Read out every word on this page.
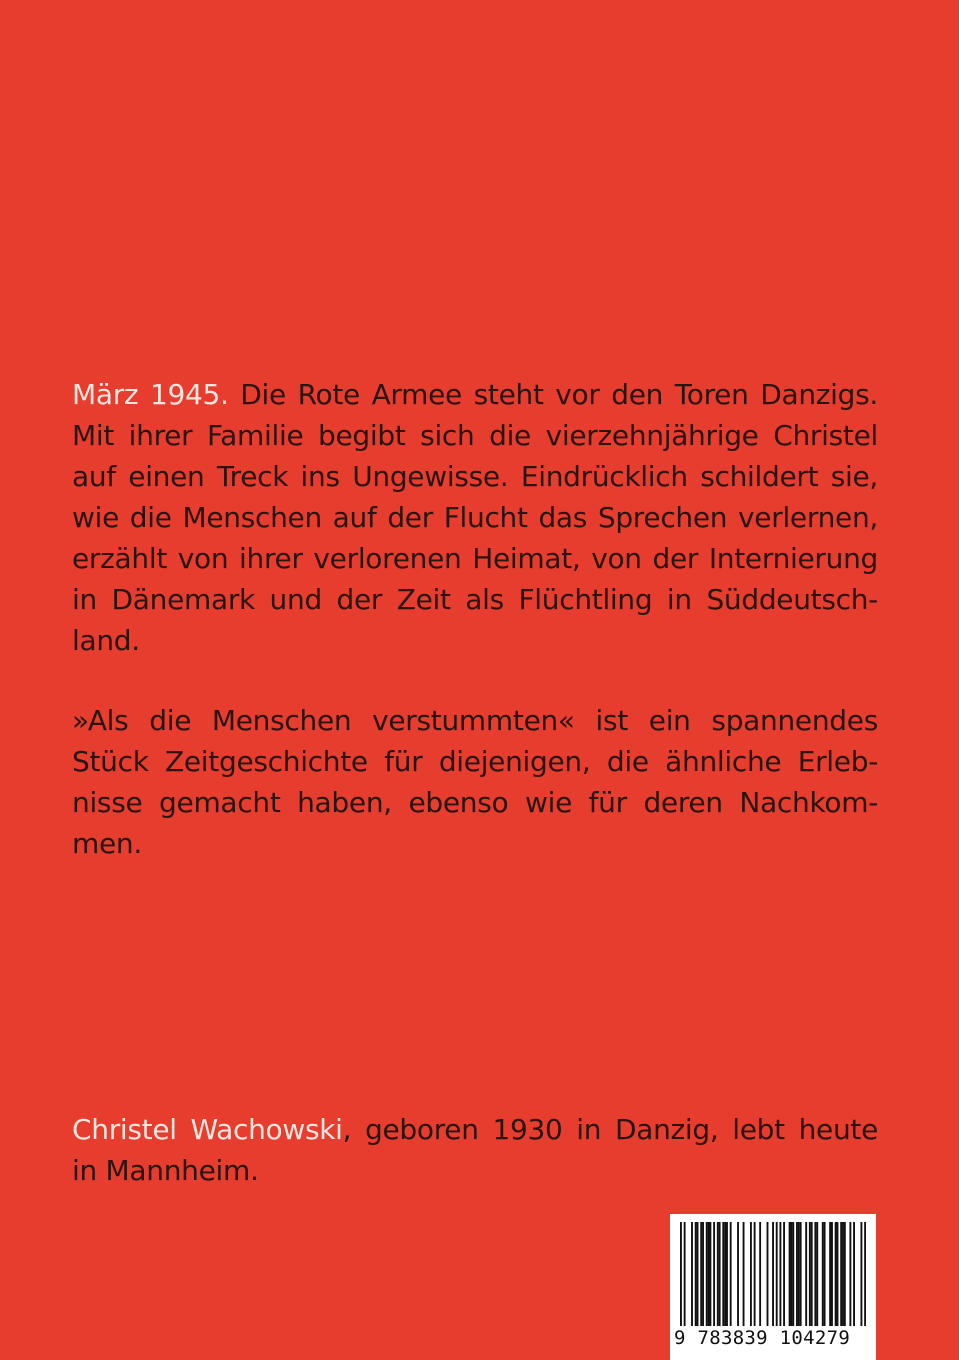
März 1945. Die Rote Armee steht vor den Toren Danzigs.
Mit ihrer Familie begibt sich die vierzehnjährige Christel
auf einen Treck ins Ungewisse. Eindrücklich schildert sie,
wie die Menschen auf der Flucht das Sprechen verlernen,
erzählt von ihrer verlorenen Heimat, von der Internierung
in Dänemark und der Zeit als Flüchtling in Süddeutsch-
land.
»Als die Menschen verstummten« ist ein spannendes
Stück Zeitgeschichte für diejenigen, die ähnliche Erleb-
nisse gemacht haben, ebenso wie für deren Nachkom-
men.
Christel Wachowski, geboren 1930 in Danzig, lebt heute
in Mannheim.
9 783839 104279
